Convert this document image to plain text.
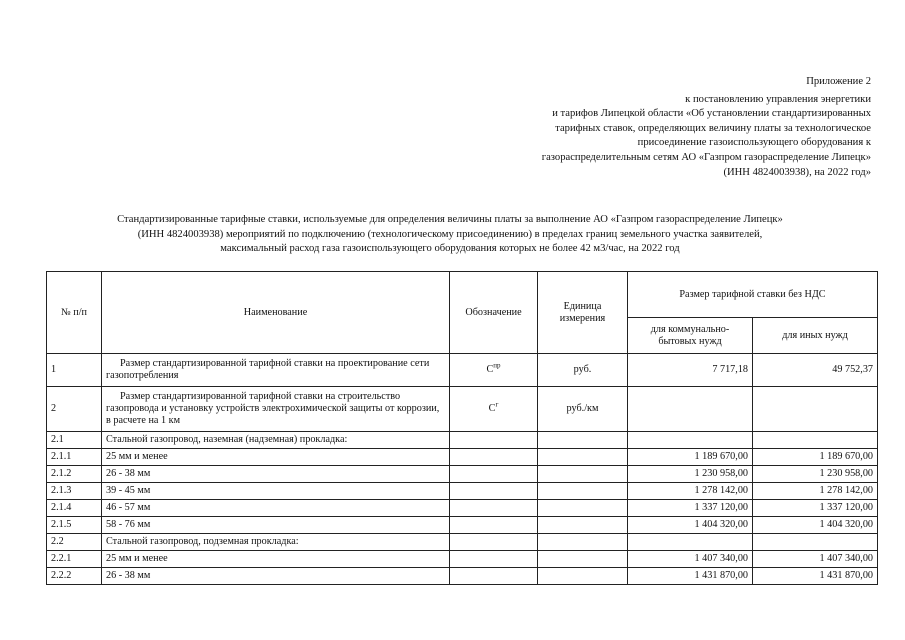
Приложение 2
к постановлению управления энергетики
и тарифов Липецкой области «Об установлении стандартизированных
тарифных ставок, определяющих величину платы за технологическое
присоединение газоиспользующего оборудования к
газораспределительным сетям АО «Газпром газораспределение Липецк»
(ИНН 4824003938), на 2022 год»
Стандартизированные тарифные ставки, используемые для определения величины платы за выполнение АО «Газпром газораспределение Липецк»
(ИНН 4824003938) мероприятий по подключению (технологическому присоединению) в пределах границ земельного участка заявителей,
максимальный расход газа газоиспользующего оборудования которых не более 42 м3/час, на 2022 год
№ п/п	Наименование	Обозначение	Единица измерения	Размер тарифной ставки без НДС	
				для коммунально-бытовых нужд	для иных нужд
1	Размер стандартизированной тарифной ставки на проектирование сети газопотребления	$С^{пр}$	руб.	7 717,18	49 752,37
2	Размер стандартизированной тарифной ставки на строительство газопровода и установку устройств электрохимической защиты от коррозии, в расчете на 1 км	$С^г$	руб./км		
2.1	Стальной газопровод, наземная (надземная) прокладка:				
2.1.1	25 мм и менее			1 189 670,00	1 189 670,00
2.1.2	26 - 38 мм			1 230 958,00	1 230 958,00
2.1.3	39 - 45 мм			1 278 142,00	1 278 142,00
2.1.4	46 - 57 мм			1 337 120,00	1 337 120,00
2.1.5	58 - 76 мм			1 404 320,00	1 404 320,00
2.2	Стальной газопровод, подземная прокладка:				
2.2.1	25 мм и менее			1 407 340,00	1 407 340,00
2.2.2	26 - 38 мм			1 431 870,00	1 431 870,00
